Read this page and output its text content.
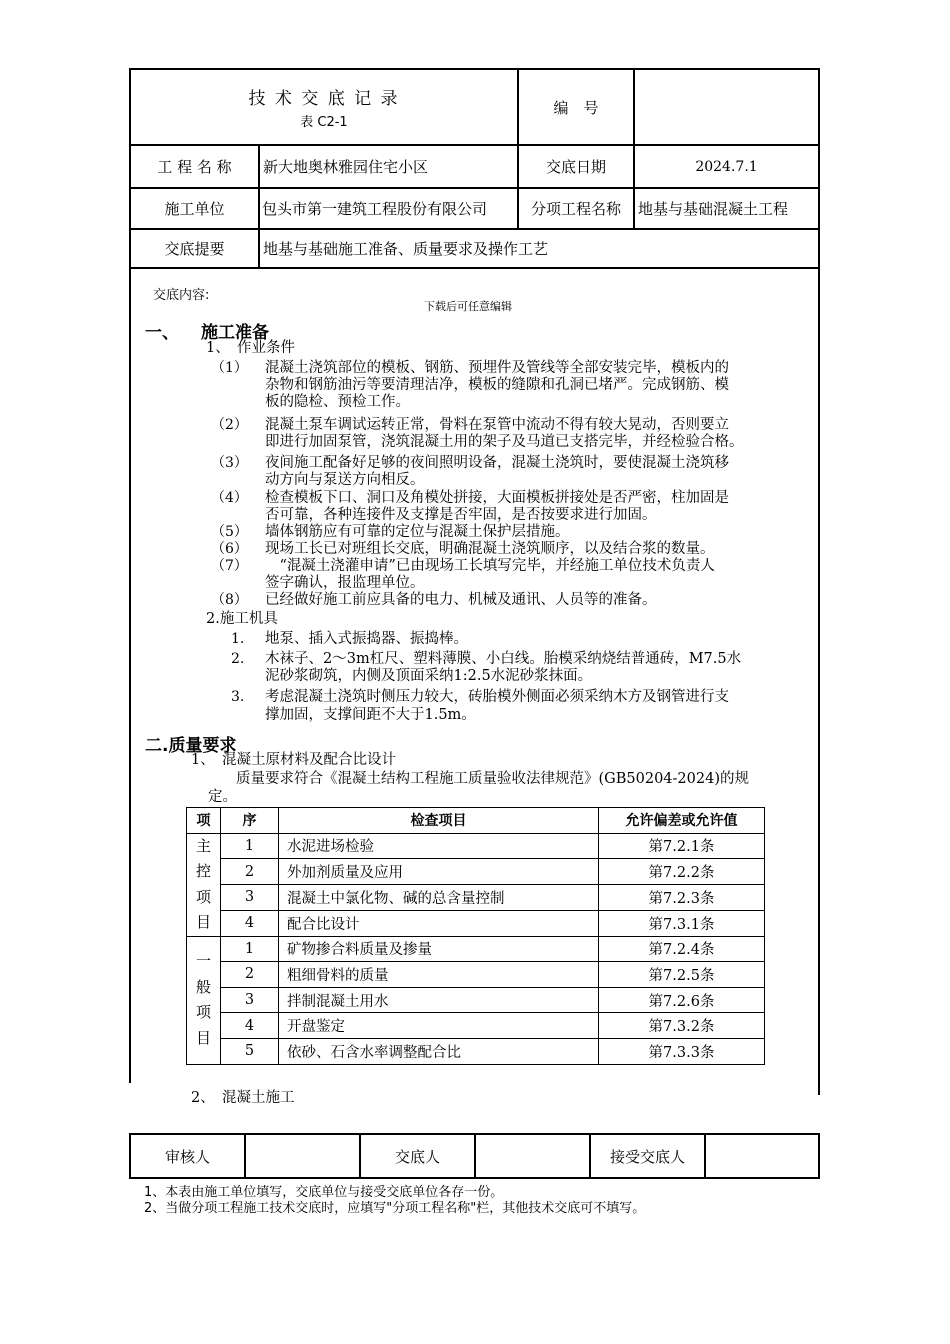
技 术 交 底 记 录
表 C2-1
编　号
工 程 名 称	新大地奥林雅园住宅小区	交底日期	2024.7.1
施工单位	包头市第一建筑工程股份有限公司	分项工程名称	地基与基础混凝土工程
交底提要	地基与基础施工准备、质量要求及操作工艺
交底内容:
下载后可任意编辑
一、 施工准备
1、　作业条件
（1） 混凝土浇筑部位的模板、钢筋、预埋件及管线等全部安装完毕，模板内的
杂物和钢筋油污等要清理洁净，模板的缝隙和孔洞已堵严。完成钢筋、模
板的隐检、预检工作。
（2） 混凝土泵车调试运转正常，骨料在泵管中流动不得有较大晃动，否则要立
即进行加固泵管，浇筑混凝土用的架子及马道已支搭完毕，并经检验合格。
（3） 夜间施工配备好足够的夜间照明设备，混凝土浇筑时，要使混凝土浇筑移
动方向与泵送方向相反。
（4） 检查模板下口、洞口及角模处拼接，大面模板拼接处是否严密，柱加固是
否可靠，各种连接件及支撑是否牢固，是否按要求进行加固。
（5） 墙体钢筋应有可靠的定位与混凝土保护层措施。
（6） 现场工长已对班组长交底，明确混凝土浇筑顺序，以及结合浆的数量。
（7） 　“混凝土浇灌申请”已由现场工长填写完毕，并经施工单位技术负责人
签字确认，报监理单位。
（8） 已经做好施工前应具备的电力、机械及通讯、人员等的准备。
2.施工机具
1. 地泵、插入式振捣器、振捣棒。
2. 木袜子、2～3m杠尺、塑料薄膜、小白线。胎模采纳烧结普通砖，M7.5水
泥砂浆砌筑，内侧及顶面采纳1:2.5水泥砂浆抹面。
3. 考虑混凝土浇筑时侧压力较大，砖胎模外侧面必须采纳木方及钢管进行支
撑加固，支撑间距不大于1.5m。
二.质量要求
1、　混凝土原材料及配合比设计
质量要求符合《混凝土结构工程施工质量验收法律规范》(GB50204-2024)的规
定。
项	序	检查项目	允许偏差或允许值

主
控
项
目	1	水泥进场检验	第7.2.1条
	2	外加剂质量及应用	第7.2.2条
	3	混凝土中氯化物、碱的总含量控制	第7.2.3条
	4	配合比设计	第7.3.1条

一
般
项
目	1	矿物掺合料质量及掺量	第7.2.4条
	2	粗细骨料的质量	第7.2.5条
	3	拌制混凝土用水	第7.2.6条
	4	开盘鉴定	第7.3.2条
	5	依砂、石含水率调整配合比	第7.3.3条
2、　混凝土施工
审核人	交底人	接受交底人
1、本表由施工单位填写，交底单位与接受交底单位各存一份。
2、当做分项工程施工技术交底时，应填写"分项工程名称"栏，其他技术交底可不填写。
